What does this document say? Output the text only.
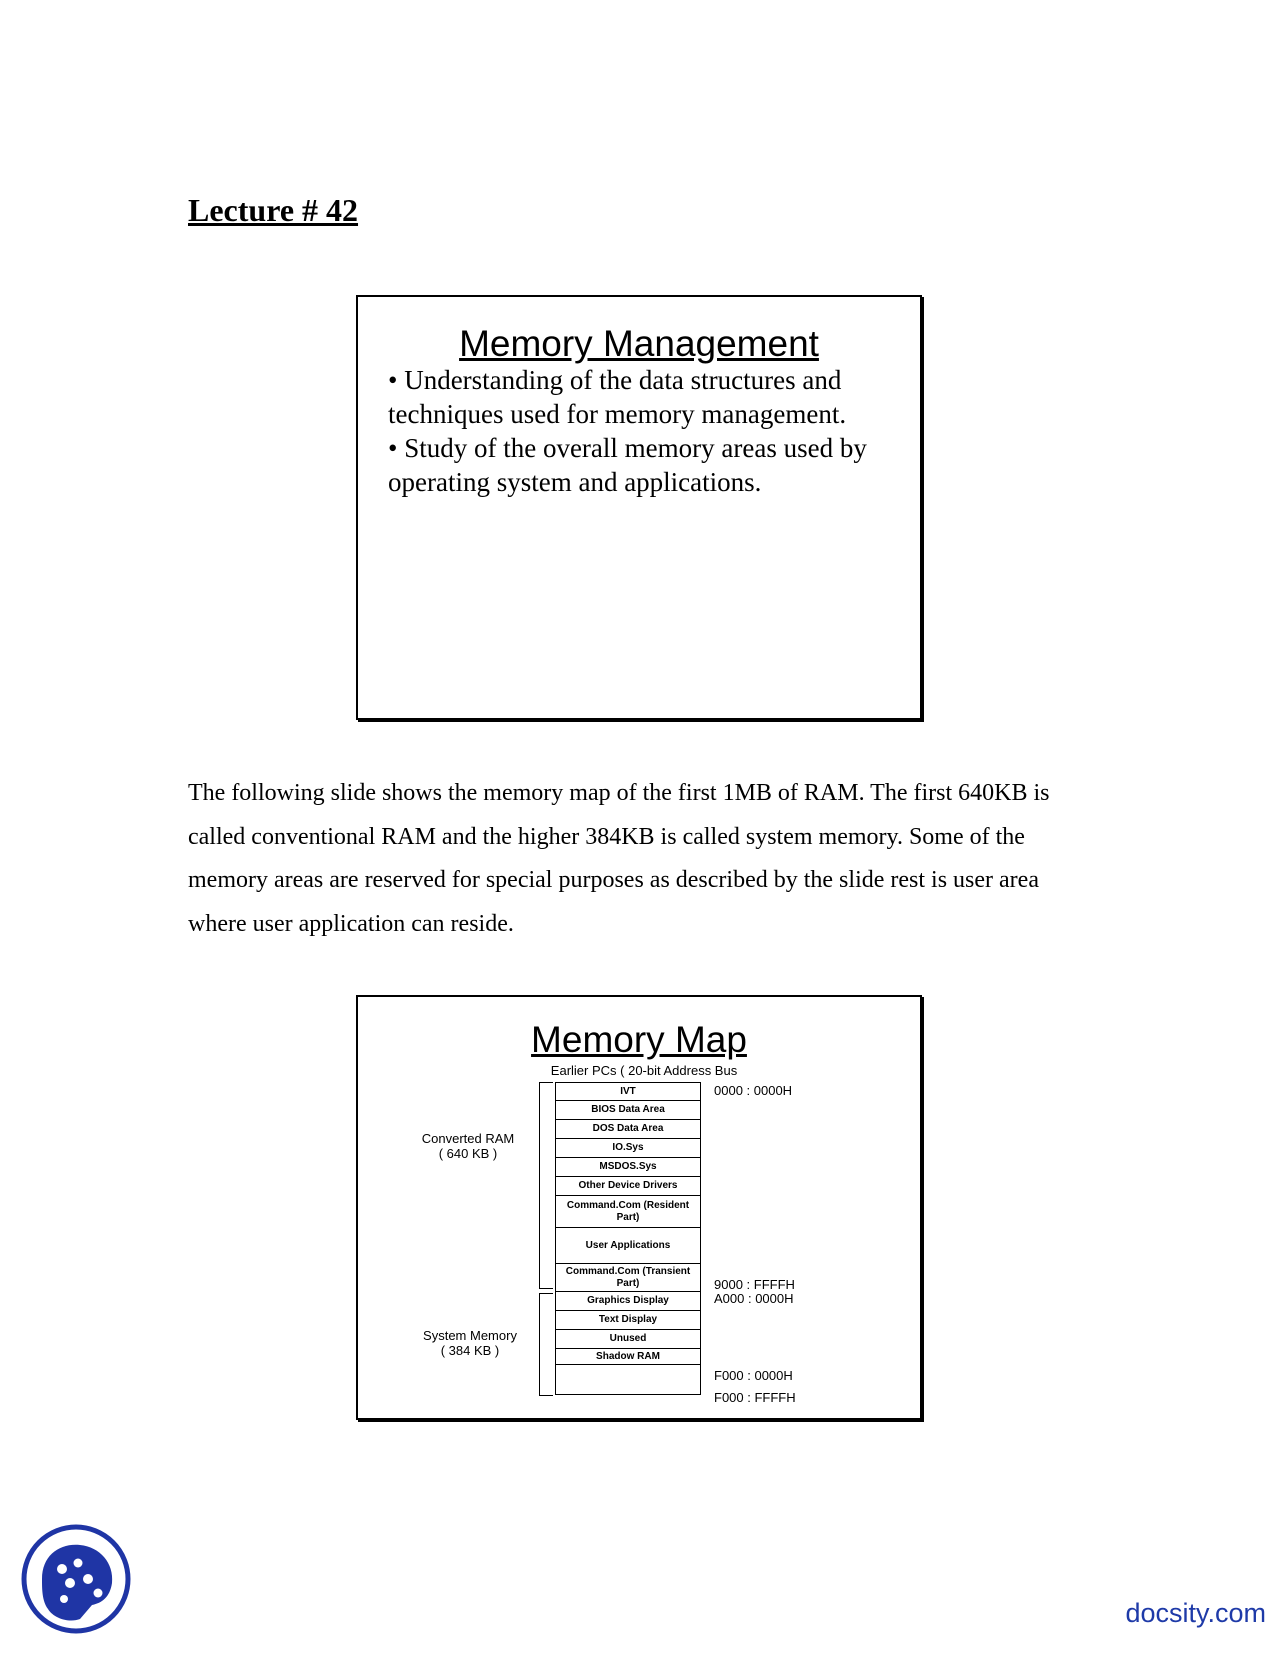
Lecture # 42
Memory Management
• Understanding of the data structures and techniques used for memory management.
• Study of the overall memory areas used by operating system and applications.

The following slide shows the memory map of the first 1MB of RAM. The first 640KB is called conventional RAM and the higher 384KB is called system memory. Some of the memory areas are reserved for special purposes as described by the slide rest is user area where user application can reside.

Memory Map
Earlier PCs ( 20-bit Address Bus
Converted RAM
( 640 KB )
System Memory
( 384 KB )
IVT
BIOS Data Area
DOS Data Area
IO.Sys
MSDOS.Sys
Other Device Drivers
Command.Com (Resident Part)
User Applications
Command.Com (Transient Part)
Graphics Display
Text Display
Unused
Shadow RAM
0000 : 0000H
9000 : FFFFH
A000 : 0000H
F000 : 0000H
F000 : FFFFH
docsity.com
